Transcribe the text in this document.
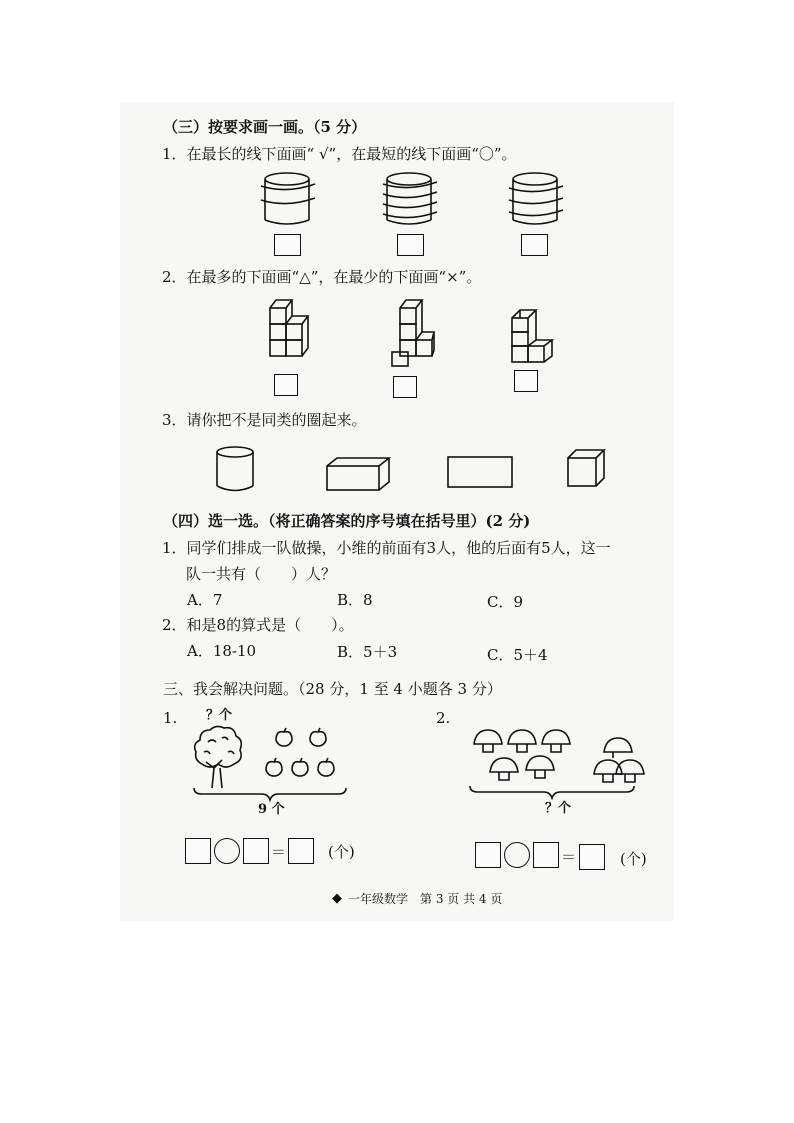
（三）按要求画一画。（5 分）
1．在最长的线下面画“ √”，在最短的线下面画“〇”。
2．在最多的下面画“△”，在最少的下面画“×”。
3．请你把不是同类的圈起来。
（四）选一选。（将正确答案的序号填在括号里）(2 分)
1．同学们排成一队做操，小维的前面有3人，他的后面有5人，这一
队一共有（　　）人？
A．7	B．8	C．9
2．和是8的算式是（　　）。
A．18-10	B．5＋3	C．5＋4
三、我会解决问题。（28 分，1 至 4 小题各 3 分）
1. ？个
9 个
＝	(个)
2.
？个
＝	(个)
◆ 一年级数学　第 3 页 共 4 页
